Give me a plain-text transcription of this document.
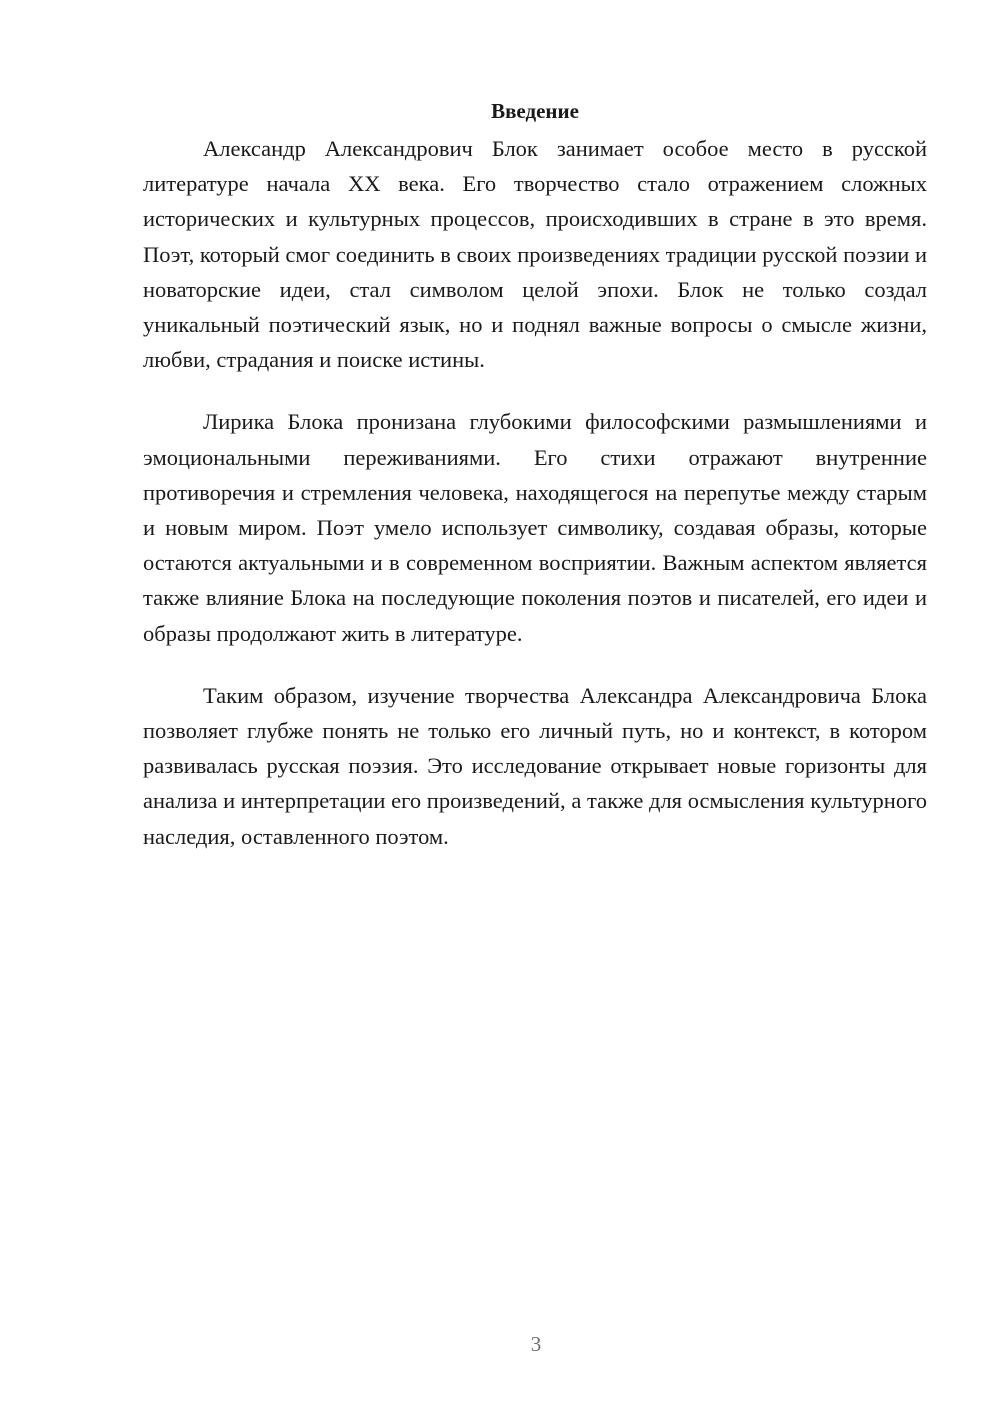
Введение

Александр Александрович Блок занимает особое место в русской литературе начала XX века. Его творчество стало отражением сложных исторических и культурных процессов, происходивших в стране в это время. Поэт, который смог соединить в своих произведениях традиции русской поэзии и новаторские идеи, стал символом целой эпохи. Блок не только создал уникальный поэтический язык, но и поднял важные вопросы о смысле жизни, любви, страдания и поиске истины.

Лирика Блока пронизана глубокими философскими размышлениями и эмоциональными переживаниями. Его стихи отражают внутренние противоречия и стремления человека, находящегося на перепутье между старым и новым миром. Поэт умело использует символику, создавая образы, которые остаются актуальными и в современном восприятии. Важным аспектом является также влияние Блока на последующие поколения поэтов и писателей, его идеи и образы продолжают жить в литературе.

Таким образом, изучение творчества Александра Александровича Блока позволяет глубже понять не только его личный путь, но и контекст, в котором развивалась русская поэзия. Это исследование открывает новые горизонты для анализа и интерпретации его произведений, а также для осмысления культурного наследия, оставленного поэтом.

3
